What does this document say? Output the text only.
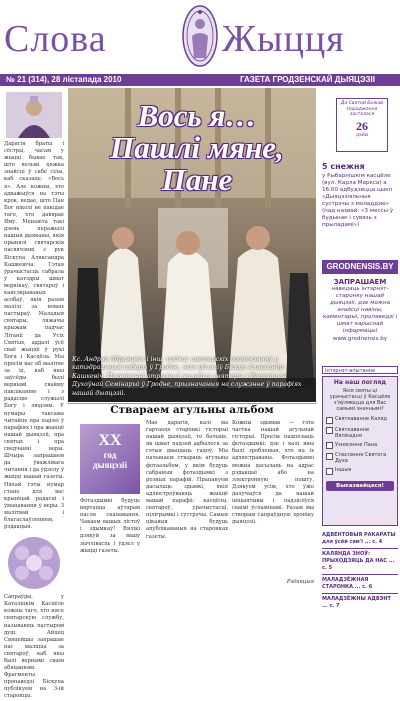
Слова	Жыцця
№ 21 (314), 28 лістапада 2010	ГАЗЕТА ГРОДЗЕНСКАЙ ДЫЯЦЭЗІІ
Да Святой Божай Нараджэння засталася
26
дзён
Дарагія браты і сёстры, часам у жыцці бывае так, што вельмі цяжка знайсці ў сабе сілы, каб сказаць: «Вось я». Але кожны, хто адважыўся на гэты крок, ведае, што Пан Бог ніколі не пакідае таго, хто давярае Яму. Менавіта такі дзень перажылі нашыя дыяканы, якія прынялі святарскія пасвячэнні з рук Біскупа Аляксандра Кашкевіча. Гэтая ўрачыстасць сабрала ў катэдры шмат вернікаў, святароў і кансэкраваных асобаў, якія разам малілі за новых пастыраў. Маладыя святары, ляжачы крыжам падчас Літаніі да Усіх Святых, аддалі ўсё сваё жыццё ў рукі Бога і Касцёла. Мы просім вас аб малітве за іх, каб яны заўсёды былі вернымі свайму пакліканню і з радасцю служылі Богу і людзям. У нумары таксама чытайце пра падзеі ў парафіях і пра жыццё нашай дыяцэзіі, пра святых і пра сведчанні веры. Шчыра запрашаем да ўважлівага чытання і да ўдзелу ў жыцці нашай газеты. Няхай гэты нумар стане для вас крыніцай радасці і ўмацавання ў веры. З малітвай і благаслаўленнем, рэдакцыя.
Сапраўды, у Каталіцкім Касцёле кожны таго, хто нясе святарскую службу, называюць пастыром душ. Айцец Свяцейшы запрашае нас маліцца за святароў, каб яны былі вернымі сваім абяцанням. Фрагменты пропаведзі Біскупа публікуем на 3-ій старонцы.
Вось я…
Пашлі мяне,
Пане
Кс. Андрэй Абрамовіч і інш. падчас святарскіх пасвячэнняў у катэдральным саборы ў Гродне, якія ўдзяліў Біскуп Аляксандр Кашкевіч. Пасвячэнні атрымалі маладыя святары з Вышэйшай Духоўнай Семінарыі ў Гродне, прызначаныя на служэнне ў парафіях нашай дыяцэзіі.
5 снежня
у Рыбарнішкім касцёле (вул. Карла Маркса) а 16.00 адбудзецца цыкл «Дыяцэзіяльныя сустрэчы з моладдзю» (пад назвай: «З мессы ў будынак і сувязь з прыладамі»)
GRODNENSIS.BY
ЗАПРАШАЕМ
наведаць інтэрнэт-старонку нашай дыяцэзіі, дзе можна знайсці навіны, каментарыі, пропаведзі і шмат карыснай інфармацыі
www.grodnensis.by
Інтэрнэт-апытанне
На наш погляд
Якія святы ці урачыстасці ў Касцёле з'яўляюцца для Вас самымі значнымі?
Святкаванне Каляд
Святкаванне Вялікадня
Узнясенне Пана
Спасланне Святога Духа
Іншыя
Выказвайцеся!
АДВЕНТОВЫЯ РАКАРАТЫ для ўсёй сям'і ... с. 4
КАЛЯНДА ЗНОЎ: ПРЫХОДЗЯЦЬ ДА НАС ... с. 5
МАЛАДЗЁЖНАЯ СТАРОНКА ... с. 6
МАЛАДЗЁЖНЫ АДВЭНТ ... с. 7
Ствараем агульны альбом
XX
год
дыяцэзіі
Фотаздымкі будуць вяртацца аўтарам пасля сканавання. Чакаем вашых лістоў і здымкаў! Вялікі дзякуй за вашу зычлівасць і ўдзел у жыцці газеты.
Мае дарагія, калі вы гартаеце старонкі гісторыі нашай дыяцэзіі, то бачыце, як шмат падзей адбылося за гэтыя дваццаць гадоў. Мы пачынаем ствараць агульны фотаальбом, у якім будуць сабраныя фотаздымкі з розных парафій. Прапануем дасылаць здымкі, якія адлюстроўваюць жыццё вашай парафіі: касцёлы, святароў, урачыстасці, пілігрымкі і сустрэчы. Самыя цікавыя будуць апублікаваныя на старонках газеты.
Кожны здымак — гэта частка нашай агульнай гісторыі. Просім падпісваць фотаздымкі: дзе і калі яны былі зробленыя, хто на іх адлюстраваны. Фотаздымкі можна дасылаць на адрас рэдакцыі або на электронную пошту. Дзякуем усім, хто ўжо далучыўся да нашай ініцыятывы і падзяліўся сваімі ўспамінамі. Разам мы створым сапраўдную хроніку дыяцэзіі.
Рэдакцыя
